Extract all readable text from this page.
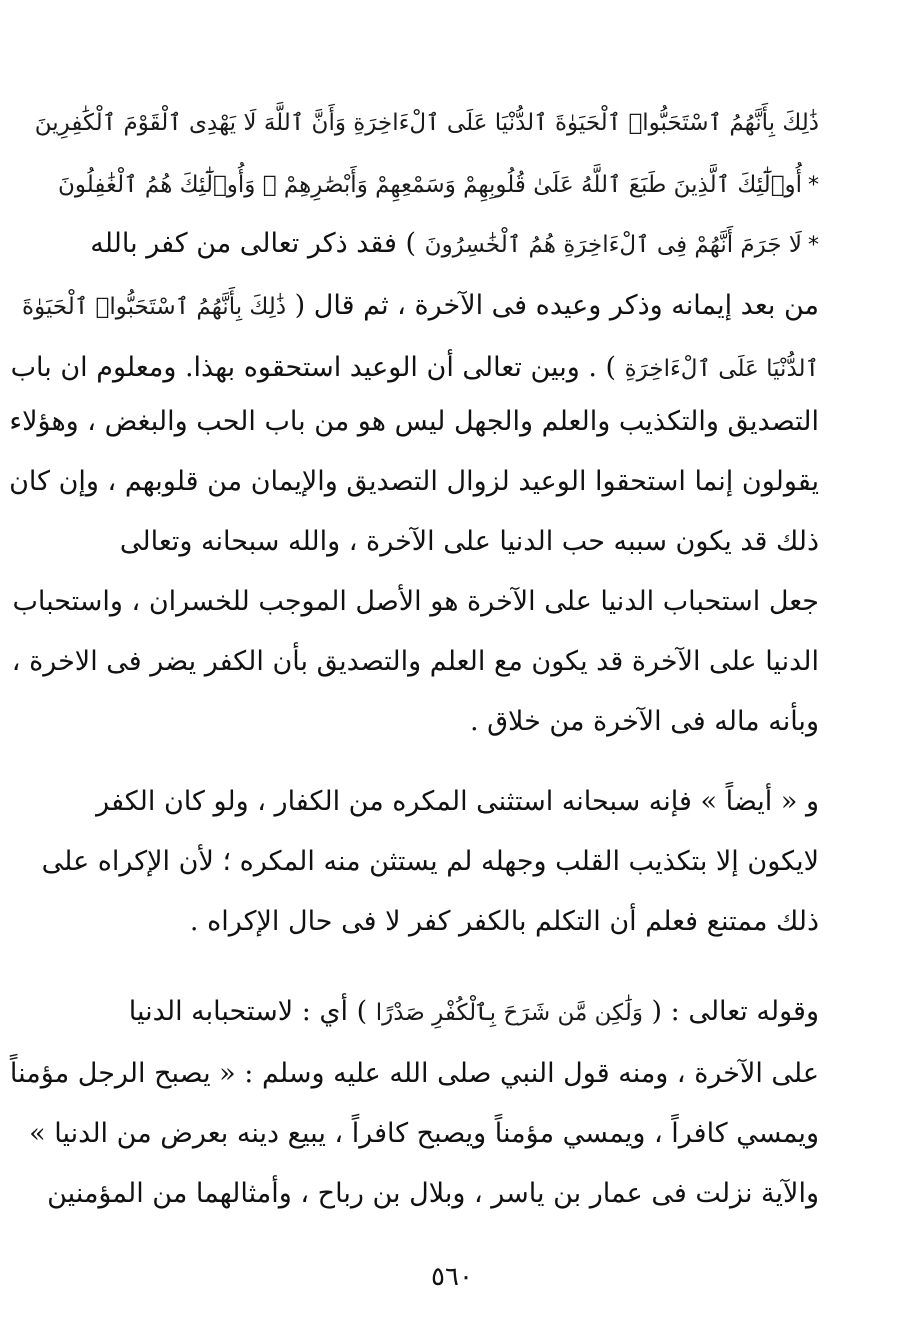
ذَٰلِكَ بِأَنَّهُمُ ٱسْتَحَبُّوا۟ ٱلْحَيَوٰةَ ٱلدُّنْيَا عَلَى ٱلْءَاخِرَةِ وَأَنَّ ٱللَّهَ لَا يَهْدِى ٱلْقَوْمَ ٱلْكَٰفِرِينَ
*أُو۟لَٰٓئِكَ ٱلَّذِينَ طَبَعَ ٱللَّهُ عَلَىٰ قُلُوبِهِمْ وَسَمْعِهِمْ وَأَبْصَٰرِهِمْ ۖ وَأُو۟لَٰٓئِكَ هُمُ ٱلْغَٰفِلُونَ
*لَا جَرَمَ أَنَّهُمْ فِى ٱلْءَاخِرَةِ هُمُ ٱلْخَٰسِرُونَ ) فقد ذكر تعالى من كفر بالله
من بعد إيمانه وذكر وعيده فى الآخرة ، ثم قال ( ذَٰلِكَ بِأَنَّهُمُ ٱسْتَحَبُّوا۟ ٱلْحَيَوٰةَ
ٱلدُّنْيَا عَلَى ٱلْءَاخِرَةِ ) . وبين تعالى أن الوعيد استحقوه بهذا. ومعلوم ان باب
التصديق والتكذيب والعلم والجهل ليس هو من باب الحب والبغض ، وهؤلاء
يقولون إنما استحقوا الوعيد لزوال التصديق والإيمان من قلوبهم ، وإن كان
ذلك قد يكون سببه حب الدنيا على الآخرة ، والله سبحانه وتعالى
جعل استحباب الدنيا على الآخرة هو الأصل الموجب للخسران ، واستحباب
الدنيا على الآخرة قد يكون مع العلم والتصديق بأن الكفر يضر فى الاخرة ،
وبأنه ماله فى الآخرة من خلاق .
و « أيضاً » فإنه سبحانه استثنى المكره من الكفار ، ولو كان الكفر
لايكون إلا بتكذيب القلب وجهله لم يستثن منه المكره ؛ لأن الإكراه على
ذلك ممتنع فعلم أن التكلم بالكفر كفر لا فى حال الإكراه .
وقوله تعالى : ( وَلَٰكِن مَّن شَرَحَ بِٱلْكُفْرِ صَدْرًا ) أي : لاستحبابه الدنيا
على الآخرة ، ومنه قول النبي صلى الله عليه وسلم : « يصبح الرجل مؤمناً
ويمسي كافراً ، ويمسي مؤمناً ويصبح كافراً ، يبيع دينه بعرض من الدنيا »
والآية نزلت فى عمار بن ياسر ، وبلال بن رباح ، وأمثالهما من المؤمنين
٥٦٠
